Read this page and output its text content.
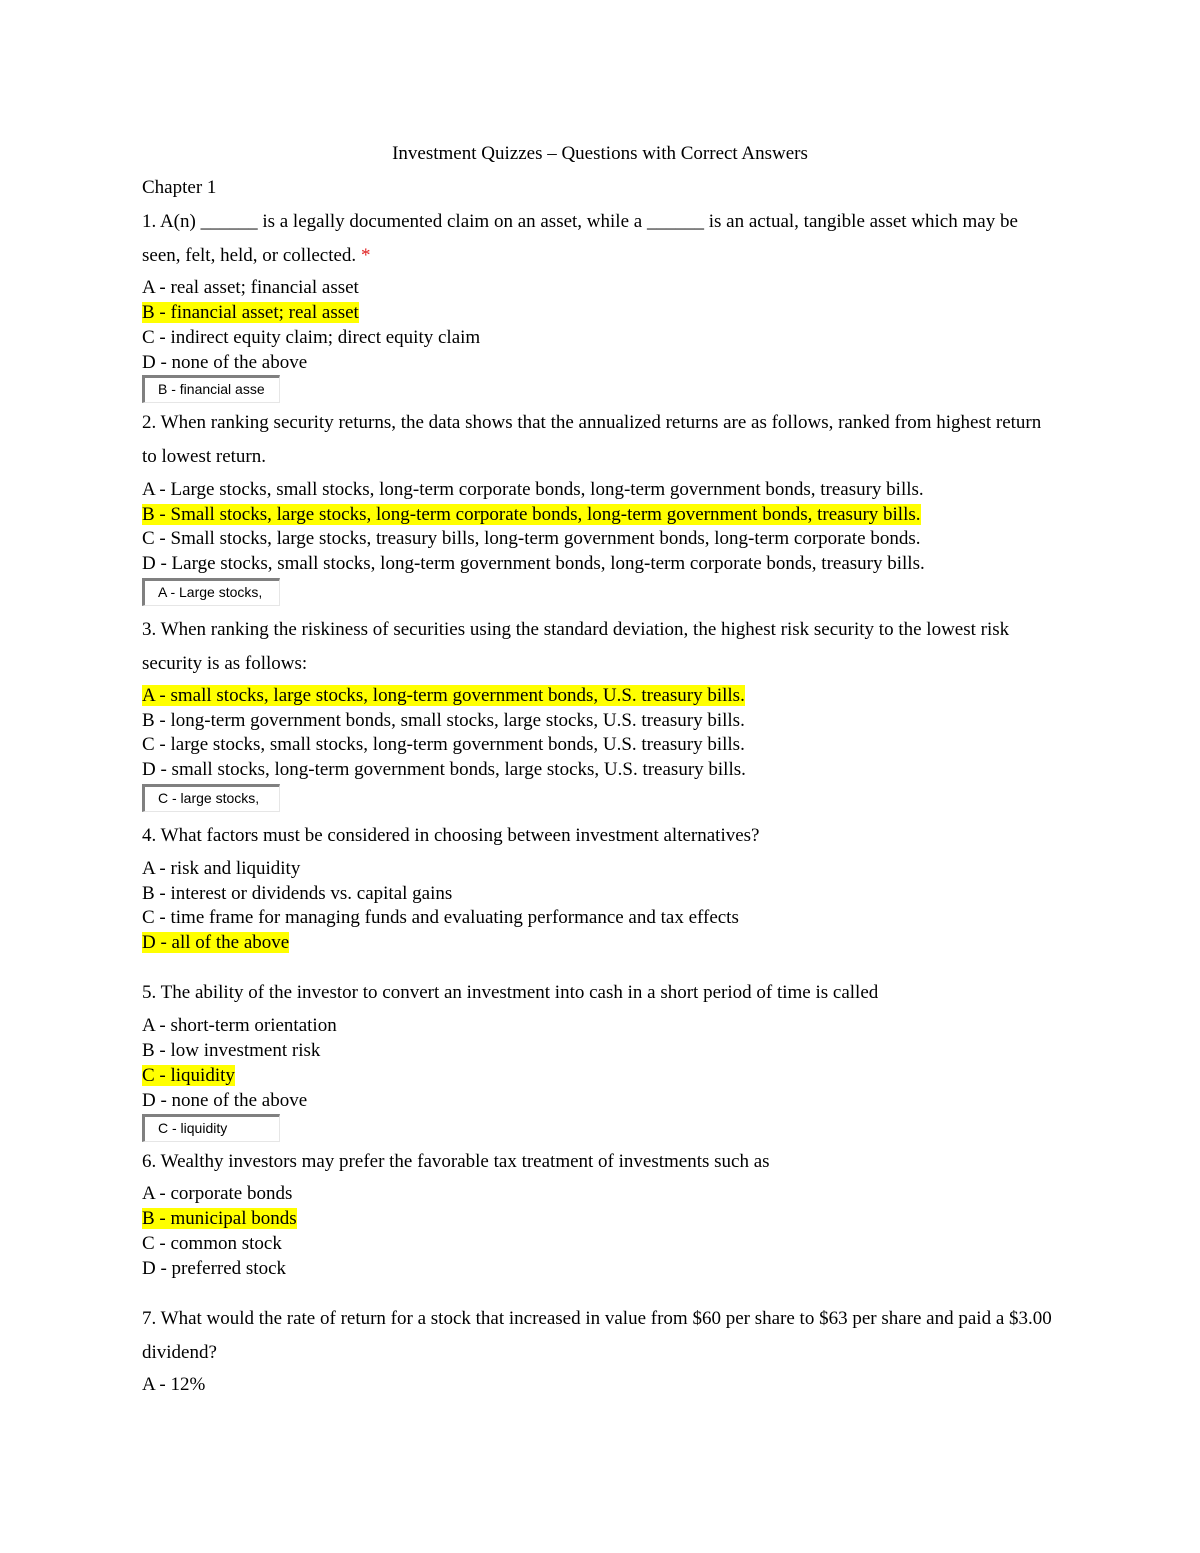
Investment Quizzes – Questions with Correct Answers
Chapter 1
1. A(n) ______ is a legally documented claim on an asset, while a ______ is an actual, tangible asset which may be seen, felt, held, or collected. *
A - real asset; financial asset
B - financial asset; real asset
C - indirect equity claim; direct equity claim
D - none of the above
B - financial asse
2. When ranking security returns, the data shows that the annualized returns are as follows, ranked from highest return to lowest return.
A - Large stocks, small stocks, long-term corporate bonds, long-term government bonds, treasury bills.
B - Small stocks, large stocks, long-term corporate bonds, long-term government bonds, treasury bills.
C - Small stocks, large stocks, treasury bills, long-term government bonds, long-term corporate bonds.
D - Large stocks, small stocks, long-term government bonds, long-term corporate bonds, treasury bills.
A - Large stocks,
3. When ranking the riskiness of securities using the standard deviation, the highest risk security to the lowest risk security is as follows:
A - small stocks, large stocks, long-term government bonds, U.S. treasury bills.
B - long-term government bonds, small stocks, large stocks, U.S. treasury bills.
C - large stocks, small stocks, long-term government bonds, U.S. treasury bills.
D - small stocks, long-term government bonds, large stocks, U.S. treasury bills.
C - large stocks,
4. What factors must be considered in choosing between investment alternatives?
A - risk and liquidity
B - interest or dividends vs. capital gains
C - time frame for managing funds and evaluating performance and tax effects
D - all of the above
5. The ability of the investor to convert an investment into cash in a short period of time is called
A - short-term orientation
B - low investment risk
C - liquidity
D - none of the above
C - liquidity
6. Wealthy investors may prefer the favorable tax treatment of investments such as
A - corporate bonds
B - municipal bonds
C - common stock
D - preferred stock
7. What would the rate of return for a stock that increased in value from $60 per share to $63 per share and paid a $3.00 dividend?
A - 12%
